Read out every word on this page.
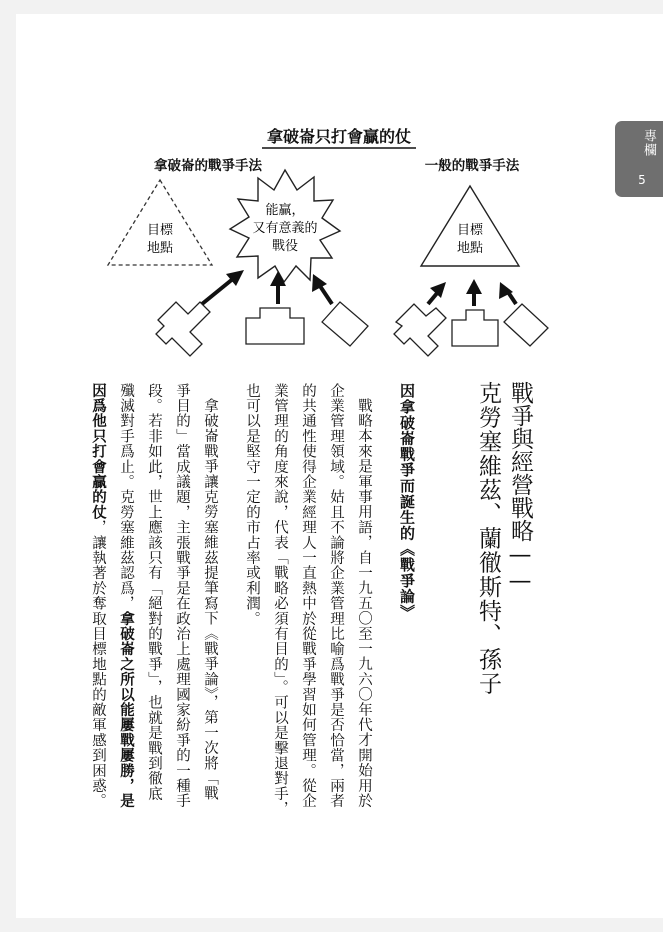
專欄
5
拿破崙只打會贏的仗
拿破崙的戰爭手法	一般的戰爭手法
目標
地點
能贏，
又有意義的
戰役
目標
地點
戰爭與經營戰略——
克勞塞維茲、蘭徹斯特、孫子
因拿破崙戰爭而誕生的《戰爭論》
戰略本來是軍事用語，自一九五〇至一九六〇年代才開始用於
企業管理領域。姑且不論將企業管理比喻爲戰爭是否恰當，兩者
的共通性使得企業經理人一直熱中於從戰爭學習如何管理。從企
業管理的角度來說，代表「戰略必須有目的」。可以是擊退對手，
也可以是堅守一定的市占率或利潤。
拿破崙戰爭讓克勞塞維茲提筆寫下《戰爭論》，第一次將「戰
爭目的」當成議題，主張戰爭是在政治上處理國家紛爭的一種手
段。若非如此，世上應該只有「絕對的戰爭」，也就是戰到徹底
殲滅對手爲止。克勞塞維茲認爲，拿破崙之所以能屢戰屢勝，是
因爲他只打會贏的仗，讓執著於奪取目標地點的敵軍感到困惑。
